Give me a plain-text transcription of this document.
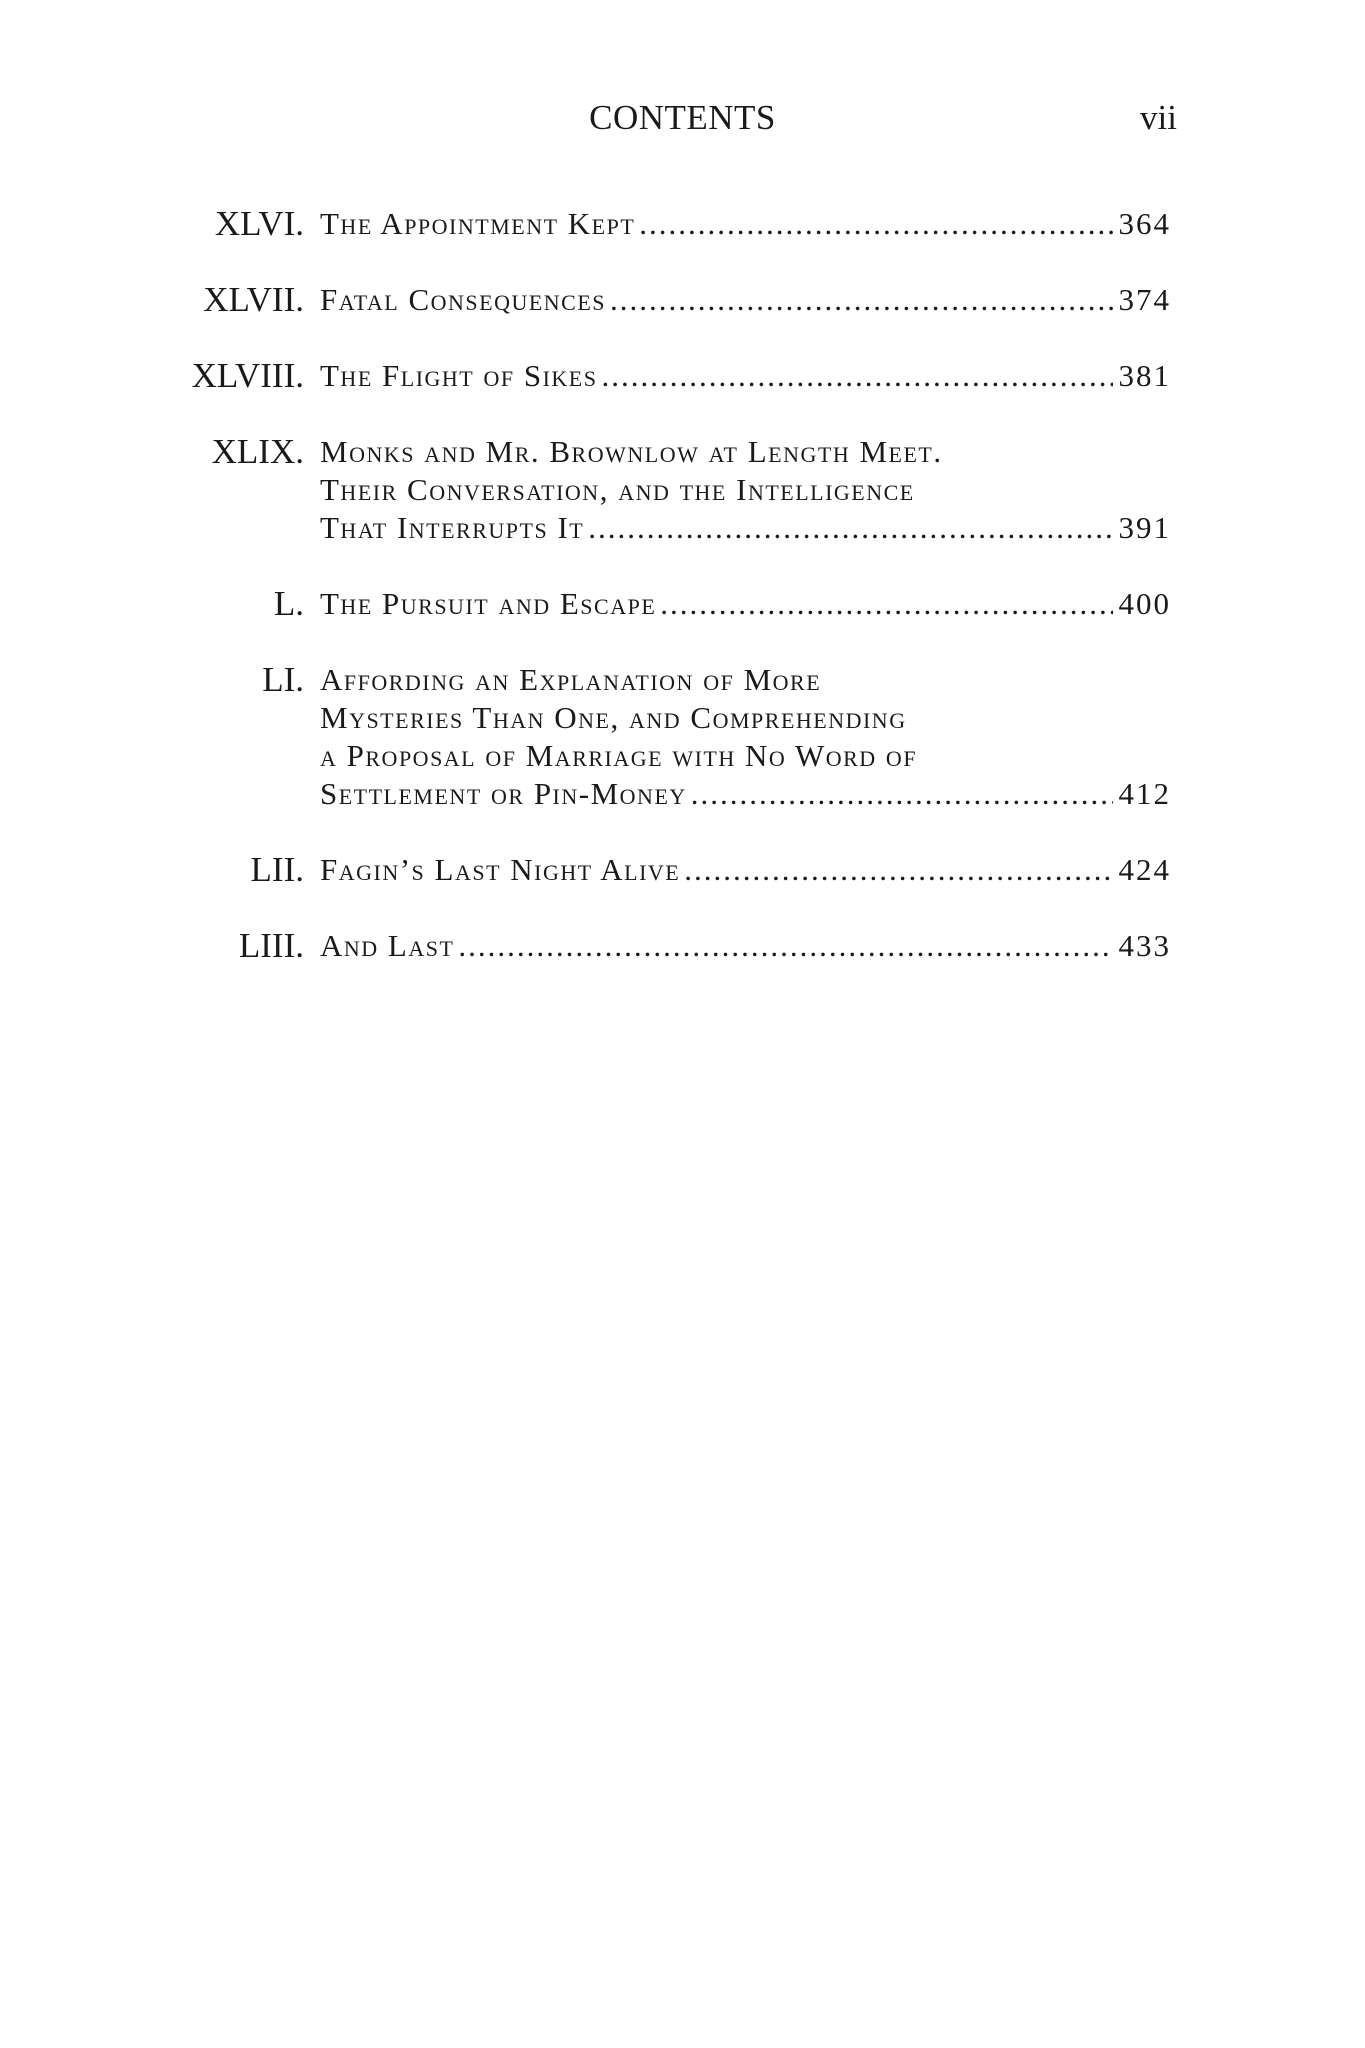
CONTENTS	vii
XLVI. The Appointment Kept .....	364
XLVII. Fatal Consequences .....	374
XLVIII. The Flight of Sikes .....	381
XLIX. Monks and Mr. Brownlow at Length Meet.
Their Conversation, and the Intelligence
That Interrupts It .....	391
L. The Pursuit and Escape .....	400
LI. Affording an Explanation of More
Mysteries Than One, and Comprehending
a Proposal of Marriage with No Word of
Settlement or Pin-Money .....	412
LII. Fagin’s Last Night Alive .....	424
LIII. And Last .....	433
